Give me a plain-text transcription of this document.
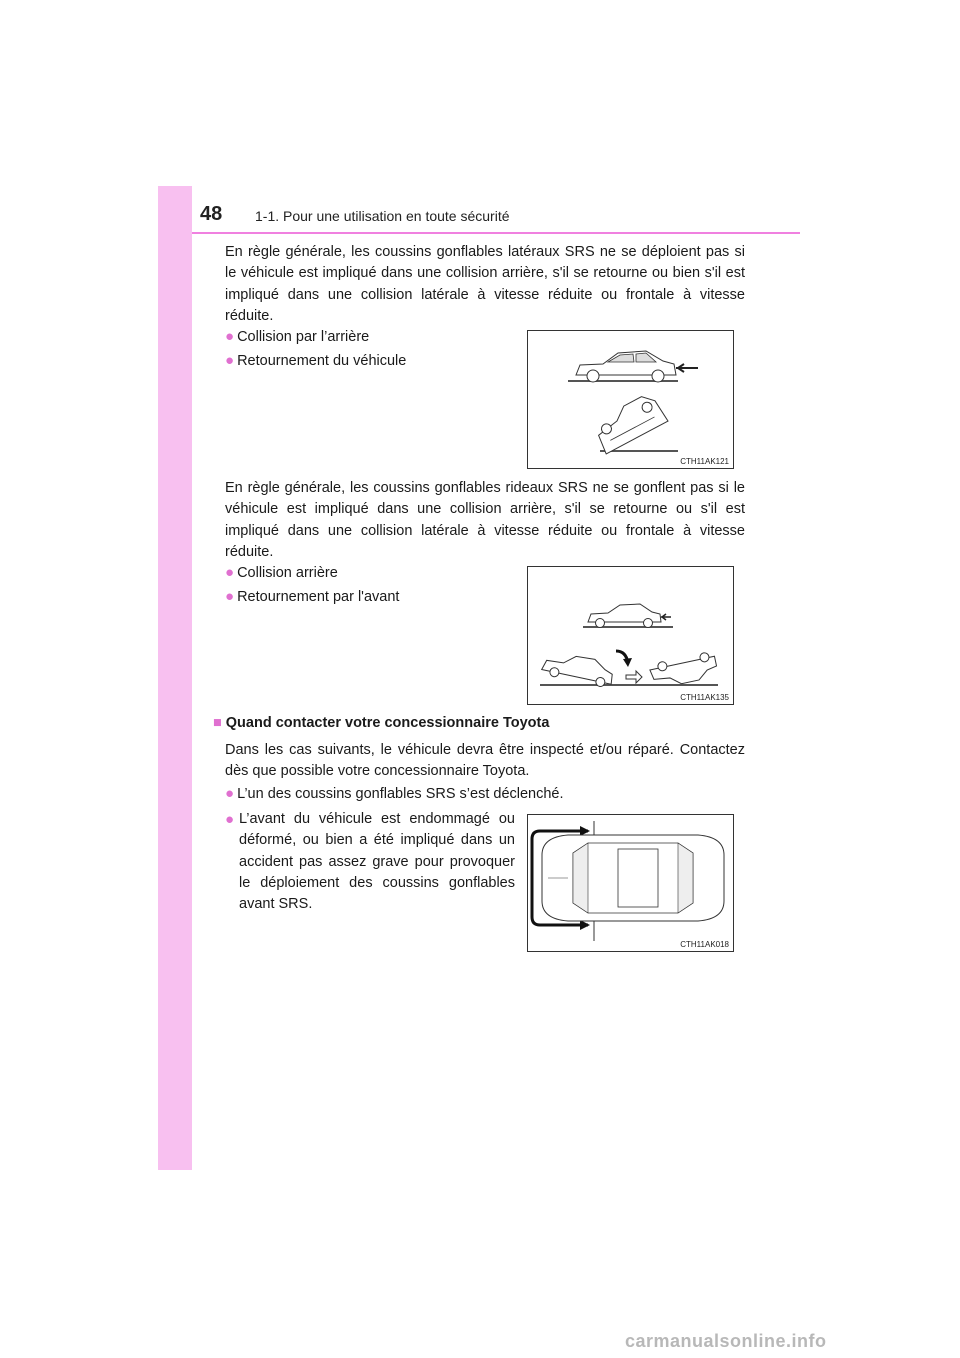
48 1-1. Pour une utilisation en toute sécurité

En règle générale, les coussins gonflables latéraux SRS ne se déploient pas si le véhicule est impliqué dans une collision arrière, s'il se retourne ou bien s'il est impliqué dans une collision latérale à vitesse réduite ou frontale à vitesse réduite.

● Collision par l’arrière
● Retournement du véhicule
CTH11AK121

En règle générale, les coussins gonflables rideaux SRS ne se gonflent pas si le véhicule est impliqué dans une collision arrière, s'il se retourne ou s'il est impliqué dans une collision latérale à vitesse réduite ou frontale à vitesse réduite.

● Collision arrière
● Retournement par l'avant
CTH11AK135
■ Quand contacter votre concessionnaire Toyota

Dans les cas suivants, le véhicule devra être inspecté et/ou réparé. Contactez dès que possible votre concessionnaire Toyota.

● L’un des coussins gonflables SRS s’est déclenché.
● L’avant du véhicule est endommagé ou déformé, ou bien a été impliqué dans un accident pas assez grave pour provoquer le déploiement des coussins gonflables avant SRS.
CTH11AK018
carmanualsonline.info
